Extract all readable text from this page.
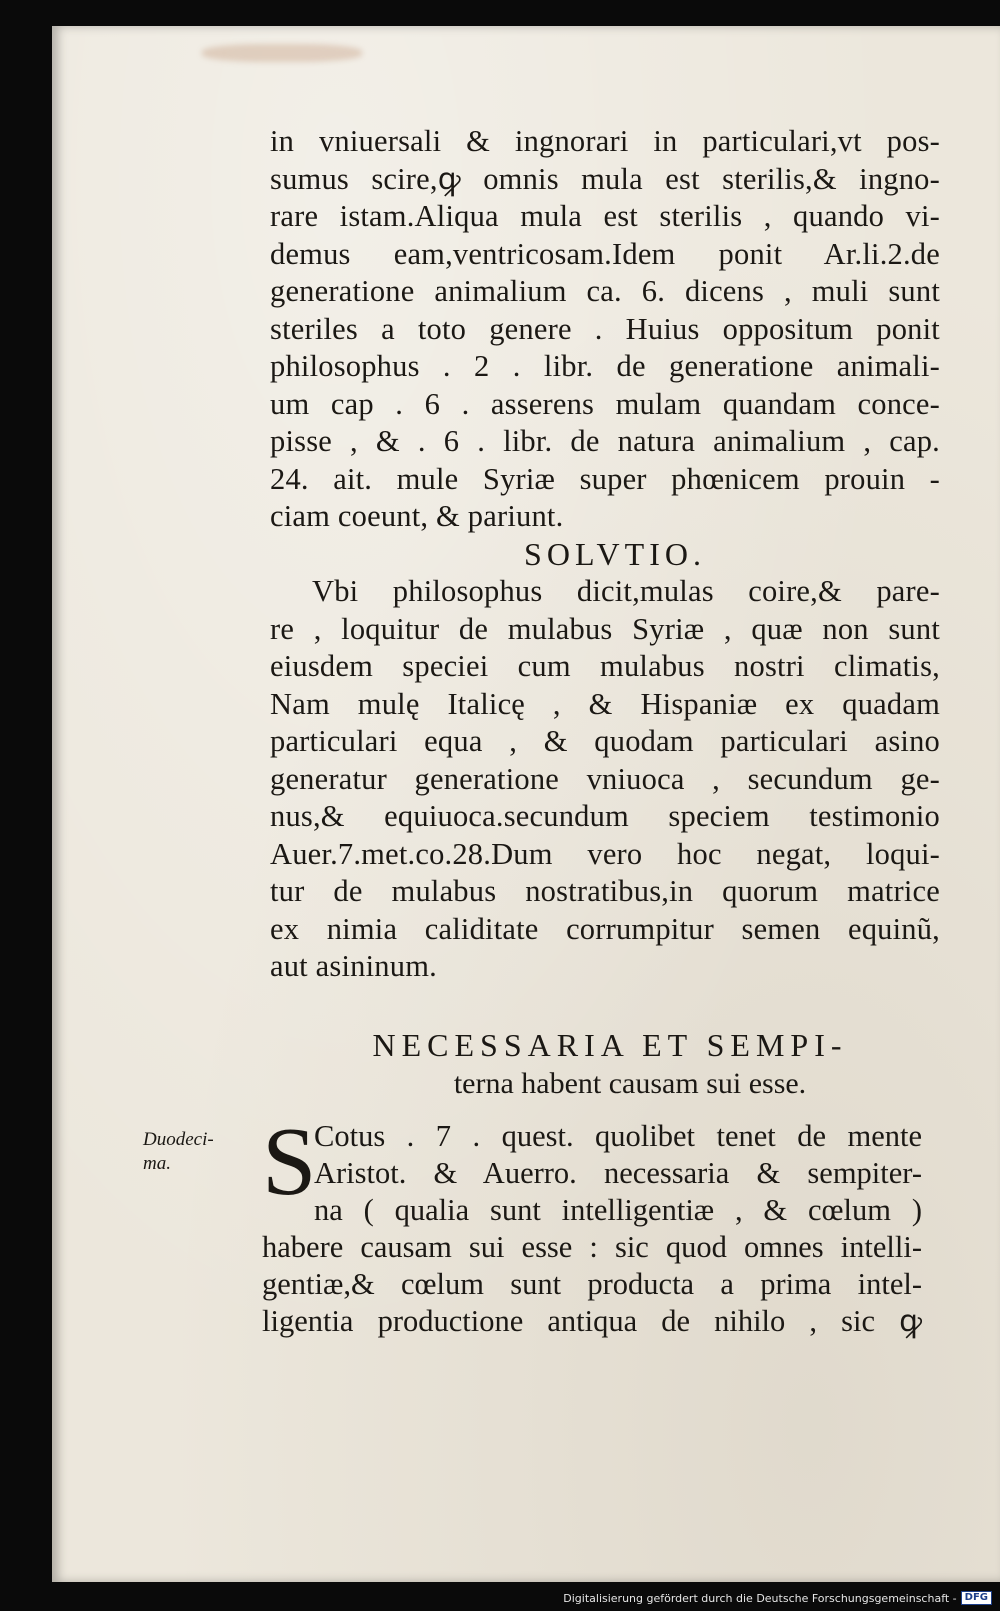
in vniuersali & ingnorari in particulari,vt pos-
sumus scire,ꝙ omnis mula est sterilis,& ingno-
rare istam.Aliqua mula est sterilis , quando vi-
demus eam,ventricosam.Idem ponit Ar.li.2.de
generatione animalium ca. 6. dicens , muli sunt
steriles a toto genere . Huius oppositum ponit
philosophus . 2 . libr. de generatione animali-
um cap . 6 . asserens mulam quandam conce-
pisse , & . 6 . libr. de natura animalium , cap.
24. ait. mule Syriæ super phœnicem prouin -
ciam coeunt, & pariunt.
SOLVTIO.
Vbi philosophus dicit,mulas coire,& pare-
re , loquitur de mulabus Syriæ , quæ non sunt
eiusdem speciei cum mulabus nostri climatis,
Nam mulę Italicę , & Hispaniæ ex quadam
particulari equa , & quodam particulari asino
generatur generatione vniuoca , secundum ge-
nus,& equiuoca.secundum speciem testimonio
Auer.7.met.co.28.Dum vero hoc negat, loqui-
tur de mulabus nostratibus,in quorum matrice
ex nimia caliditate corrumpitur semen equinũ,
aut asininum.
NECESSARIA ET SEMPI-
terna habent causam sui esse.
Duodeci-
ma. S
Cotus . 7 . quest. quolibet tenet de mente
Aristot. & Auerro. necessaria & sempiter-
na ( qualia sunt intelligentiæ , & cœlum )
habere causam sui esse : sic quod omnes intelli-
gentiæ,& cœlum sunt producta a prima intel-
ligentia productione antiqua de nihilo , sic ꝙ
Digitalisierung gefördert durch die Deutsche Forschungsgemeinschaft - DFG
